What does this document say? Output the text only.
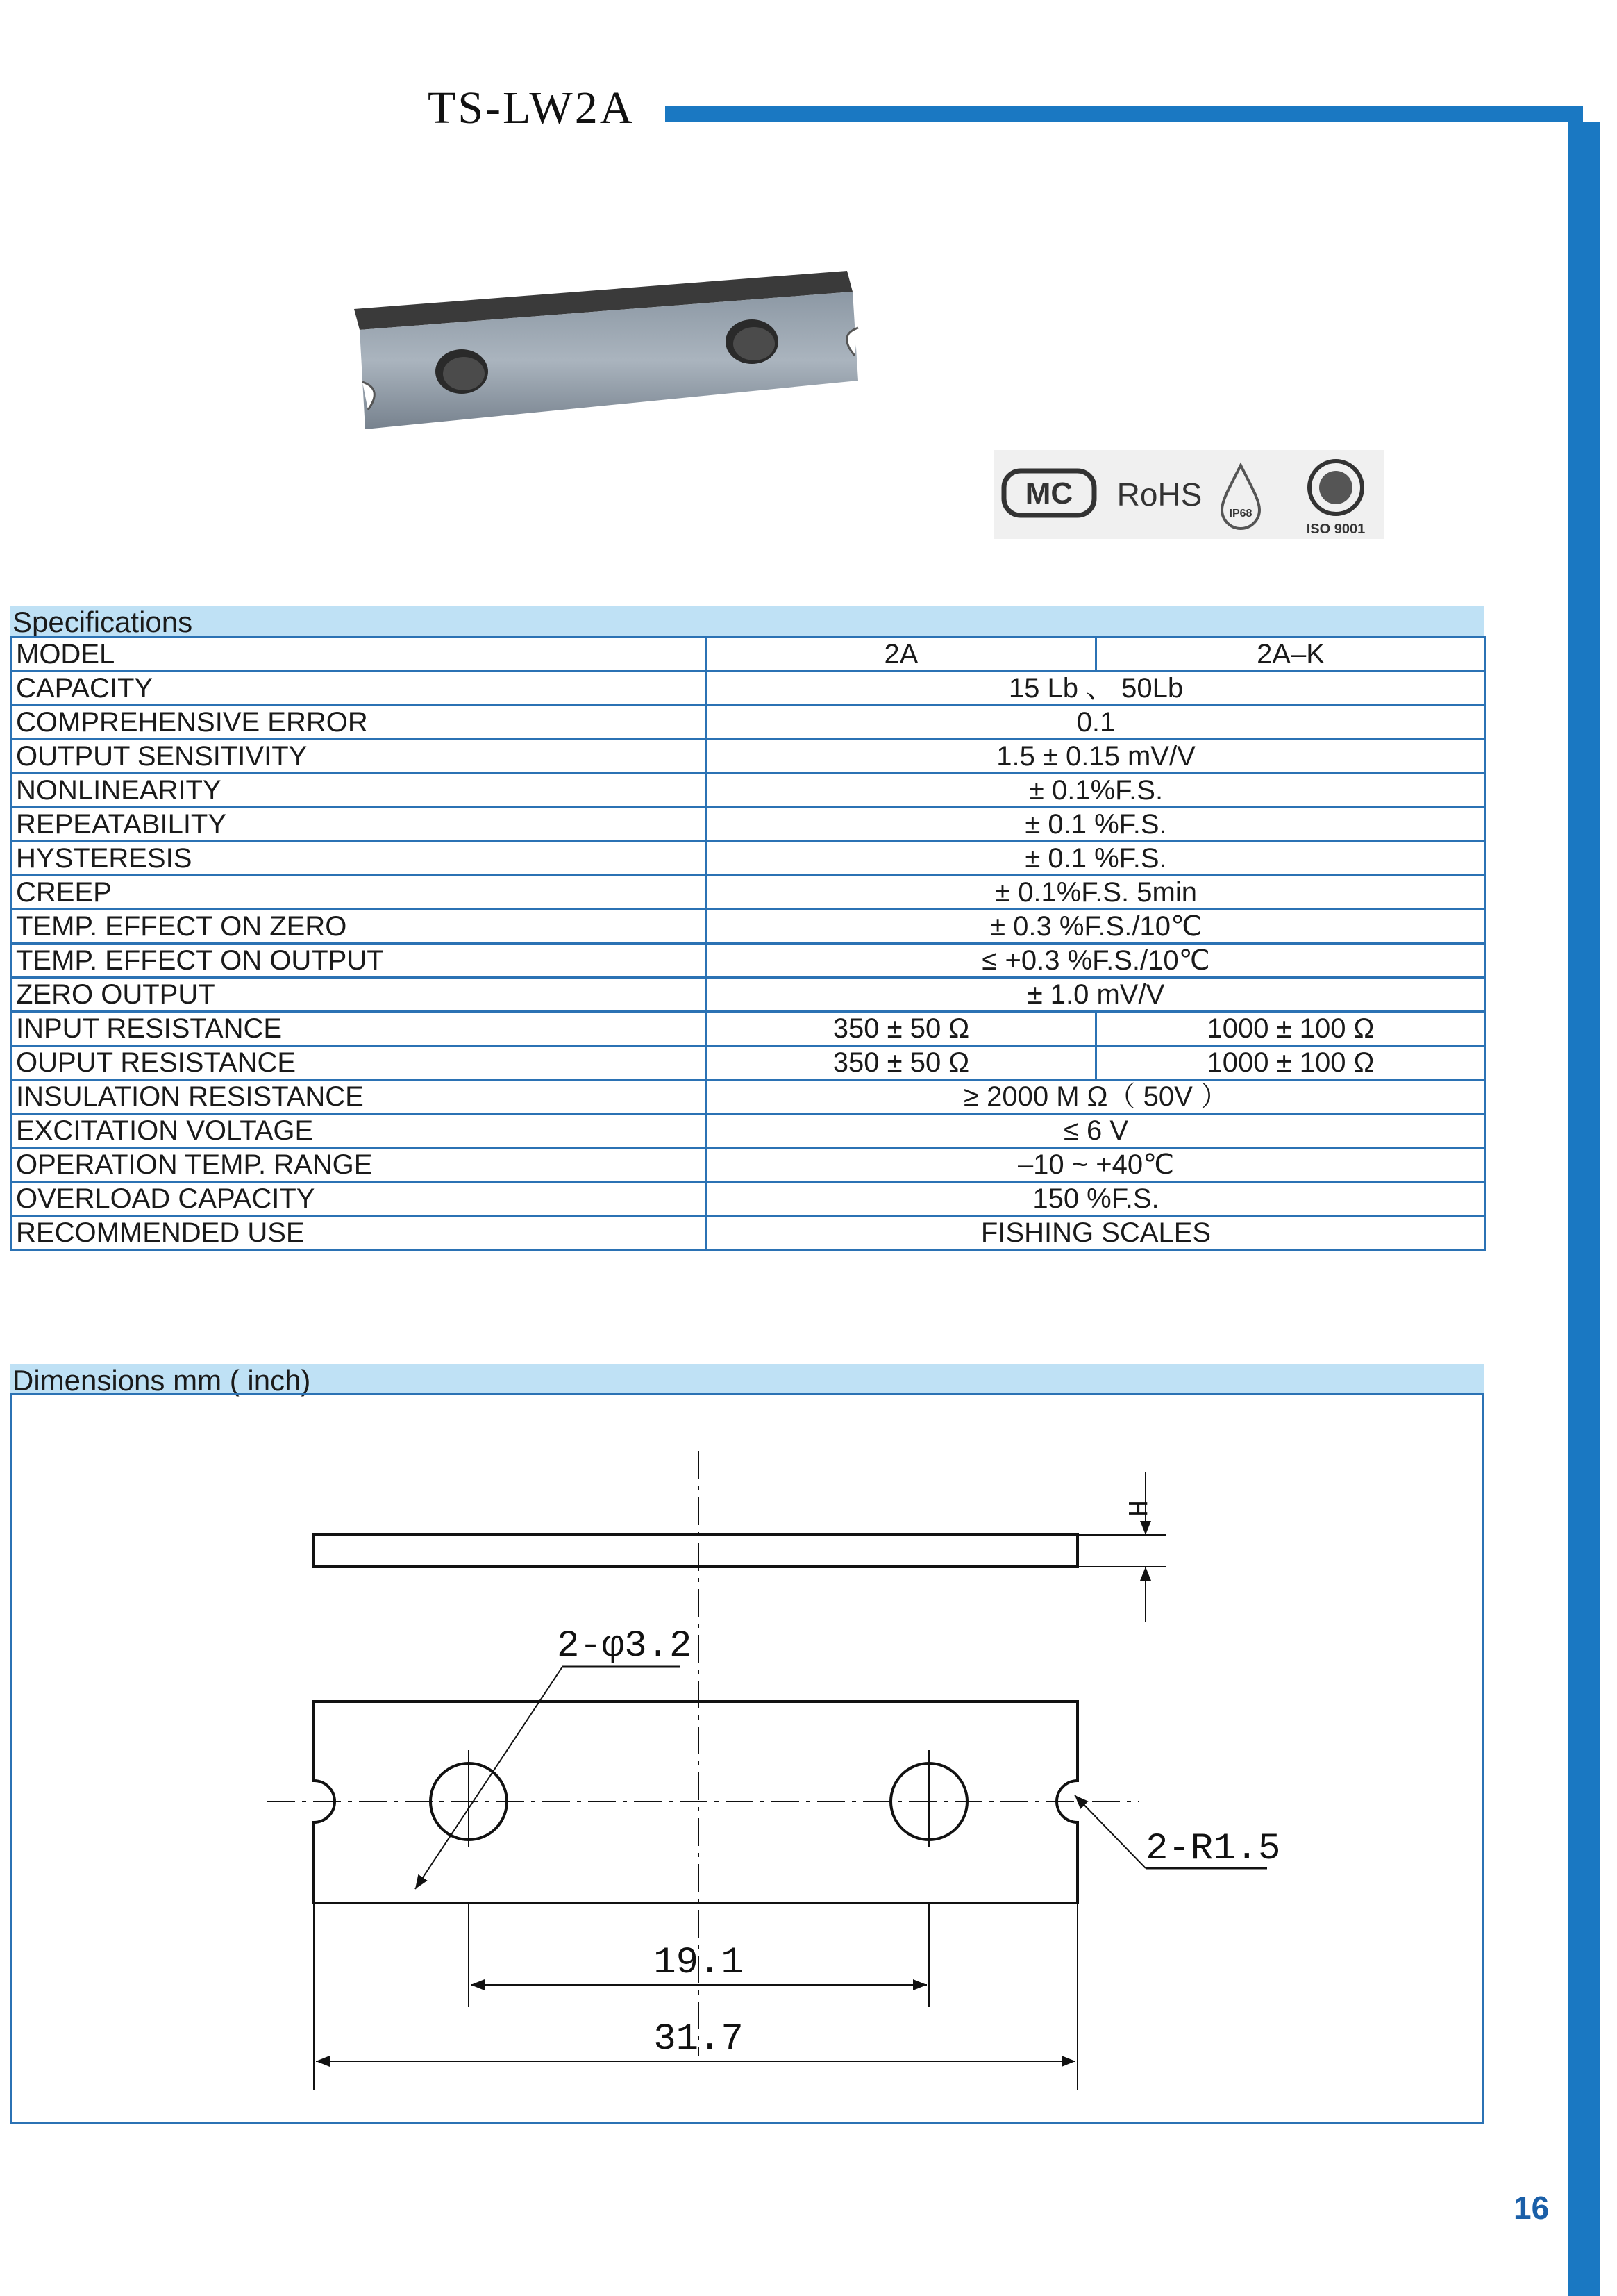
TS-LW2A
MC RoHS
IP68
ISO 9001
Specifications
MODEL	2A	2A–K
CAPACITY	15 Lb 、 50Lb	
COMPREHENSIVE ERROR	0.1	
OUTPUT SENSITIVITY	1.5 ± 0.15 mV/V	
NONLINEARITY	± 0.1%F.S.	
REPEATABILITY	± 0.1 %F.S.	
HYSTERESIS	± 0.1 %F.S.	
CREEP	± 0.1%F.S. 5min	
TEMP. EFFECT ON ZERO	± 0.3 %F.S./10℃	
TEMP. EFFECT ON OUTPUT	≤ +0.3 %F.S./10℃	
ZERO OUTPUT	± 1.0 mV/V	
INPUT RESISTANCE	350 ± 50 Ω	1000 ± 100 Ω
OUPUT RESISTANCE	350 ± 50 Ω	1000 ± 100 Ω
INSULATION RESISTANCE	≥ 2000 M Ω（ 50V ）	
EXCITATION VOLTAGE	≤ 6 V	
OPERATION TEMP. RANGE	–10 ~ +40℃	
OVERLOAD CAPACITY	150 %F.S.	
RECOMMENDED USE	FISHING SCALES	
Dimensions mm ( inch)
H
2-φ3.2
2-R1.5
19.1
31.7
16
